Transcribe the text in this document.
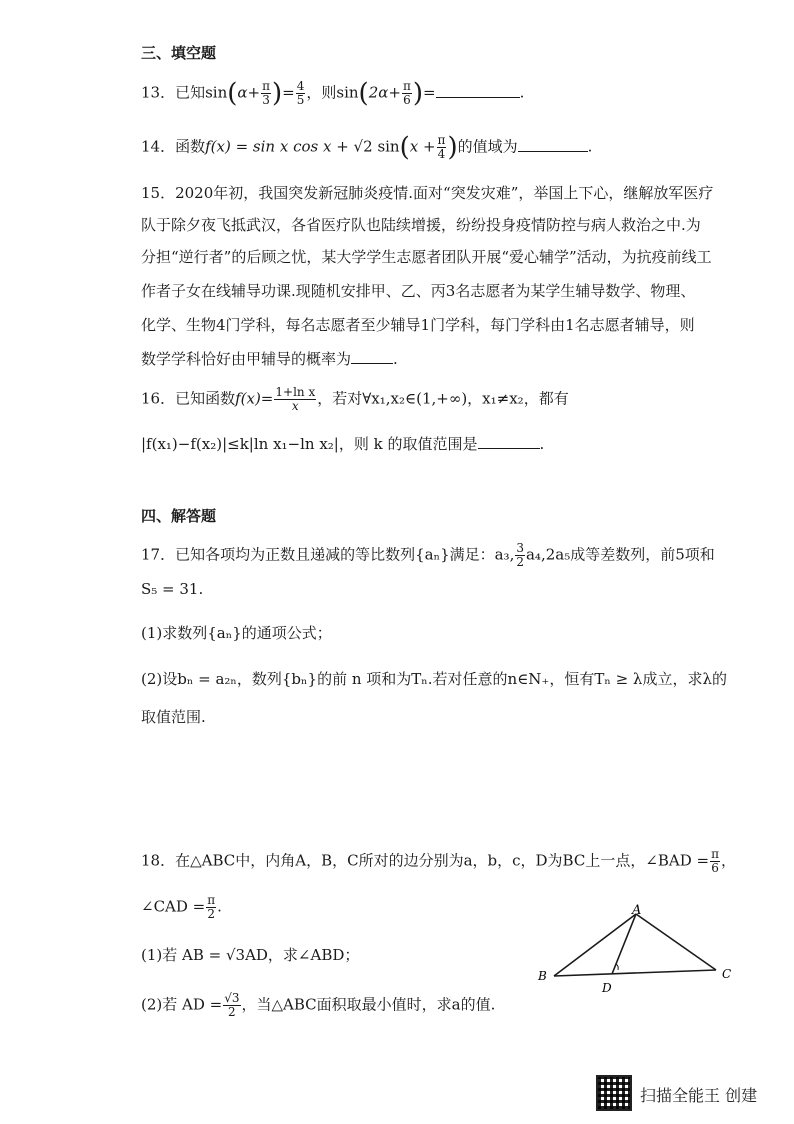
三、填空题
13．已知$\sin(\alpha+ \frac{\pi}{3}$ )= $\frac{4}{5}$ ，则$\sin(2\alpha+ \frac{\pi}{6}$ )=	.
14．函数f(x) = sin x cos x + √2 $\sin(x + \frac{\pi}{4}$ )的值域为	.
15．2020年初，我国突发新冠肺炎疫情.面对“突发灾难”，举国上下心，继解放军医疗
队于除夕夜飞抵武汉，各省医疗队也陆续增援，纷纷投身疫情防控与病人救治之中.为
分担“逆行者”的后顾之忧，某大学学生志愿者团队开展“爱心辅学”活动，为抗疫前线工
作者子女在线辅导功课.现随机安排甲、乙、丙3名志愿者为某学生辅导数学、物理、
化学、生物4门学科，每名志愿者至少辅导1门学科，每门学科由1名志愿者辅导，则
数学学科恰好由甲辅导的概率为	.
16．已知函数$f(x)= \frac{\text{1+ln x}}{x}$ ，若对∀x₁,x₂∈(1,+∞)，x₁≠x₂，都有
|f(x₁)−f(x₂)|≤k|ln x₁−ln x₂|，则 k 的取值范围是	.
四、解答题
17．已知各项均为正数且递减的等比数列{aₙ}满足：a₃, $\frac{3}{2} a_4,2a_5$成等差数列，前5项和
S₅ = 31.
(1)求数列{aₙ}的通项公式；
(2)设bₙ = a₂ₙ，数列{bₙ}的前 n 项和为Tₙ.若对任意的n∈N₊，恒有Tₙ ≥ λ成立，求λ的
取值范围.
18．在△ABC中，内角A，B，C所对的边分别为a，b，c，D为BC上一点，∠BAD = $\frac{\pi}{6}$ ，
∠CAD = $\frac{\pi}{2}$ .
(1)若 AB = √3AD，求∠ABD；
(2)若 AD = $\frac{√3}{2}$ ，当△ABC面积取最小值时，求a的值.
A
B	C
D
扫描全能王 创建
